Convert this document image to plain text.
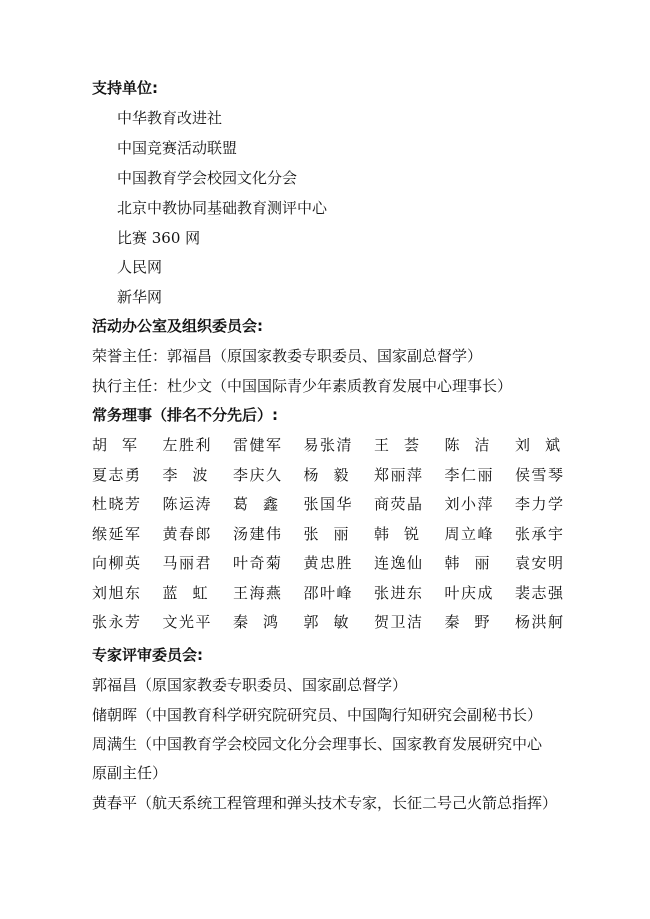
支持单位:
中华教育改进社
中国竞赛活动联盟
中国教育学会校园文化分会
北京中教协同基础教育测评中心
比赛 360 网
人民网
新华网
活动办公室及组织委员会:
荣誉主任：郭福昌（原国家教委专职委员、国家副总督学）
执行主任：杜少文（中国国际青少年素质教育发展中心理事长）
常务理事（排名不分先后）:
胡军 左胜利 雷健军 易张清 王荟 陈洁 刘斌
夏志勇 李波 李庆久 杨毅 郑丽萍 李仁丽 侯雪琴
杜晓芳 陈运涛 葛鑫 张国华 商荧晶 刘小萍 李力学
缑延军 黄春郎 汤建伟 张丽 韩锐 周立峰 张承宇
向柳英 马丽君 叶奇菊 黄忠胜 连逸仙 韩丽 袁安明
刘旭东 蓝虹 王海燕 邵叶峰 张进东 叶庆成 裴志强
张永芳 文光平 秦鸿 郭敏 贺卫洁 秦野 杨洪舸
专家评审委员会:
郭福昌（原国家教委专职委员、国家副总督学）
储朝晖（中国教育科学研究院研究员、中国陶行知研究会副秘书长）
周满生（中国教育学会校园文化分会理事长、国家教育发展研究中心
原副主任）
黄春平（航天系统工程管理和弹头技术专家，长征二号己火箭总指挥）
